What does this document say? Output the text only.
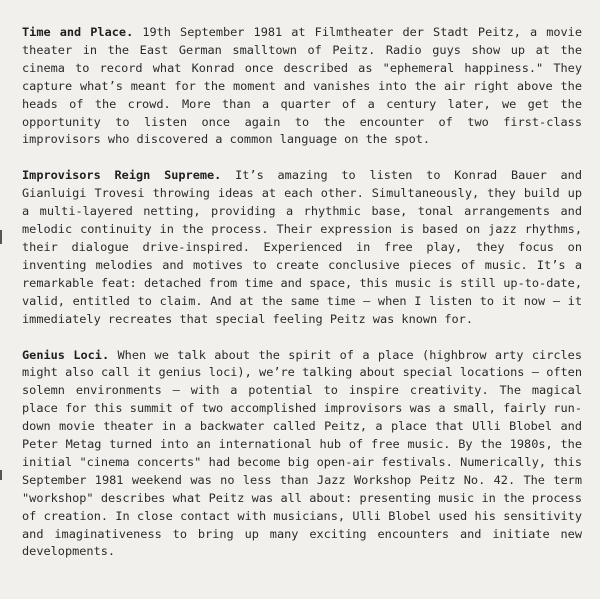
Time and Place. 19th September 1981 at Filmtheater der Stadt Peitz, a movie theater in the East German smalltown of Peitz. Radio guys show up at the cinema to record what Konrad once described as "ephemeral happiness." They capture what’s meant for the moment and vanishes into the air right above the heads of the crowd. More than a quarter of a century later, we get the opportunity to listen once again to the encounter of two first-class improvisors who discovered a common language on the spot.

Improvisors Reign Supreme. It’s amazing to listen to Konrad Bauer and Gianluigi Trovesi throwing ideas at each other. Simultaneously, they build up a multi-layered netting, providing a rhythmic base, tonal arrangements and melodic continuity in the process. Their expression is based on jazz rhythms, their dialogue drive-inspired. Experienced in free play, they focus on inventing melodies and motives to create conclusive pieces of music. It’s a remarkable feat: detached from time and space, this music is still up-to-date, valid, entitled to claim. And at the same time – when I listen to it now – it immediately recreates that special feeling Peitz was known for.

Genius Loci. When we talk about the spirit of a place (highbrow arty circles might also call it genius loci), we’re talking about special locations – often solemn environments – with a potential to inspire creativity. The magical place for this summit of two accomplished improvisors was a small, fairly run-down movie theater in a backwater called Peitz, a place that Ulli Blobel and Peter Metag turned into an international hub of free music. By the 1980s, the initial "cinema concerts" had become big open-air festivals. Numerically, this September 1981 weekend was no less than Jazz Workshop Peitz No. 42. The term "workshop" describes what Peitz was all about: presenting music in the process of creation. In close contact with musicians, Ulli Blobel used his sensitivity and imaginativeness to bring up many exciting encounters and initiate new developments.
